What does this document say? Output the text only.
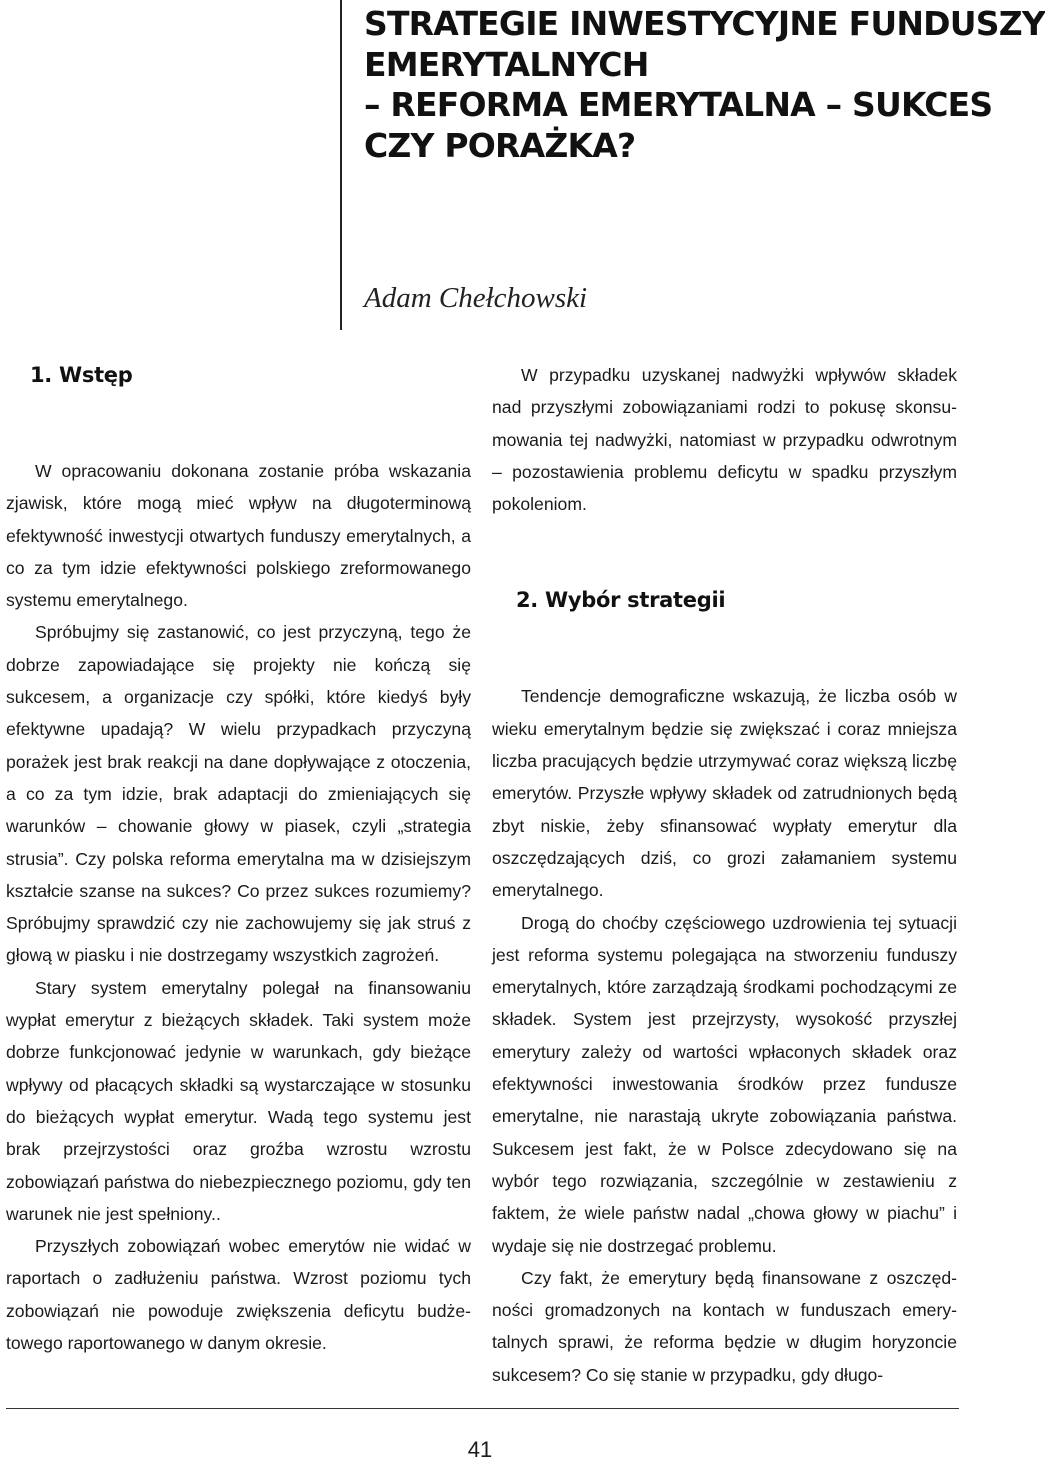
STRATEGIE INWESTYCYJNE FUNDUSZY
EMERYTALNYCH
– REFORMA EMERYTALNA – SUKCES
CZY PORAŻKA?

Adam Chełchowski

1. Wstęp

W opracowaniu dokonana zostanie próba wskazania zjawisk, które mogą mieć wpływ na długoterminową efektywność inwestycji otwartych funduszy emerytalnych, a co za tym idzie efektywności polskiego zreformowanego systemu emerytalnego.

Spróbujmy się zastanowić, co jest przyczyną, tego że dobrze zapowiadające się projekty nie kończą się sukcesem, a organizacje czy spółki, które kiedyś były efektywne upadają? W wielu przypadkach przyczyną porażek jest brak reakcji na dane dopływające z otoczenia, a co za tym idzie, brak adaptacji do zmieniających się warunków – chowanie głowy w piasek, czyli „strategia strusia”. Czy polska reforma emerytalna ma w dzisiejszym kształcie szanse na sukces? Co przez sukces rozumiemy? Spróbujmy sprawdzić czy nie zachowujemy się jak struś z głową w piasku i nie dostrzegamy wszystkich zagrożeń.

Stary system emerytalny polegał na finansowaniu wypłat emerytur z bieżących składek. Taki system może dobrze funkcjonować jedynie w warunkach, gdy bieżące wpływy od płacących składki są wystarczające w stosunku do bieżących wypłat emerytur. Wadą tego systemu jest brak przejrzystości oraz groźba wzrostu wzrostu zobowiązań państwa do niebezpiecznego poziomu, gdy ten warunek nie jest spełniony..

Przyszłych zobowiązań wobec emerytów nie widać w raportach o zadłużeniu państwa. Wzrost poziomu tych zobowiązań nie powoduje zwiększenia deficytu budżetowego raportowanego w danym okresie.

W przypadku uzyskanej nadwyżki wpływów składek nad przyszłymi zobowiązaniami rodzi to pokusę skonsumowania tej nadwyżki, natomiast w przypadku odwrotnym – pozostawienia problemu deficytu w spadku przyszłym pokoleniom.

2. Wybór strategii

Tendencje demograficzne wskazują, że liczba osób w wieku emerytalnym będzie się zwiększać i coraz mniejsza liczba pracujących będzie utrzymywać coraz większą liczbę emerytów. Przyszłe wpływy składek od zatrudnionych będą zbyt niskie, żeby sfinansować wypłaty emerytur dla oszczędzających dziś, co grozi załamaniem systemu emerytalnego.

Drogą do choćby częściowego uzdrowienia tej sytuacji jest reforma systemu polegająca na stworzeniu funduszy emerytalnych, które zarządzają środkami pochodzącymi ze składek. System jest przejrzysty, wysokość przyszłej emerytury zależy od wartości wpłaconych składek oraz efektywności inwestowania środków przez fundusze emerytalne, nie narastają ukryte zobowiązania państwa. Sukcesem jest fakt, że w Polsce zdecydowano się na wybór tego rozwiązania, szczególnie w zestawieniu z faktem, że wiele państw nadal „chowa głowy w piachu” i wydaje się nie dostrzegać problemu.

Czy fakt, że emerytury będą finansowane z oszczędności gromadzonych na kontach w funduszach emerytalnych sprawi, że reforma będzie w długim horyzoncie sukcesem? Co się stanie w przypadku, gdy długo-

41
